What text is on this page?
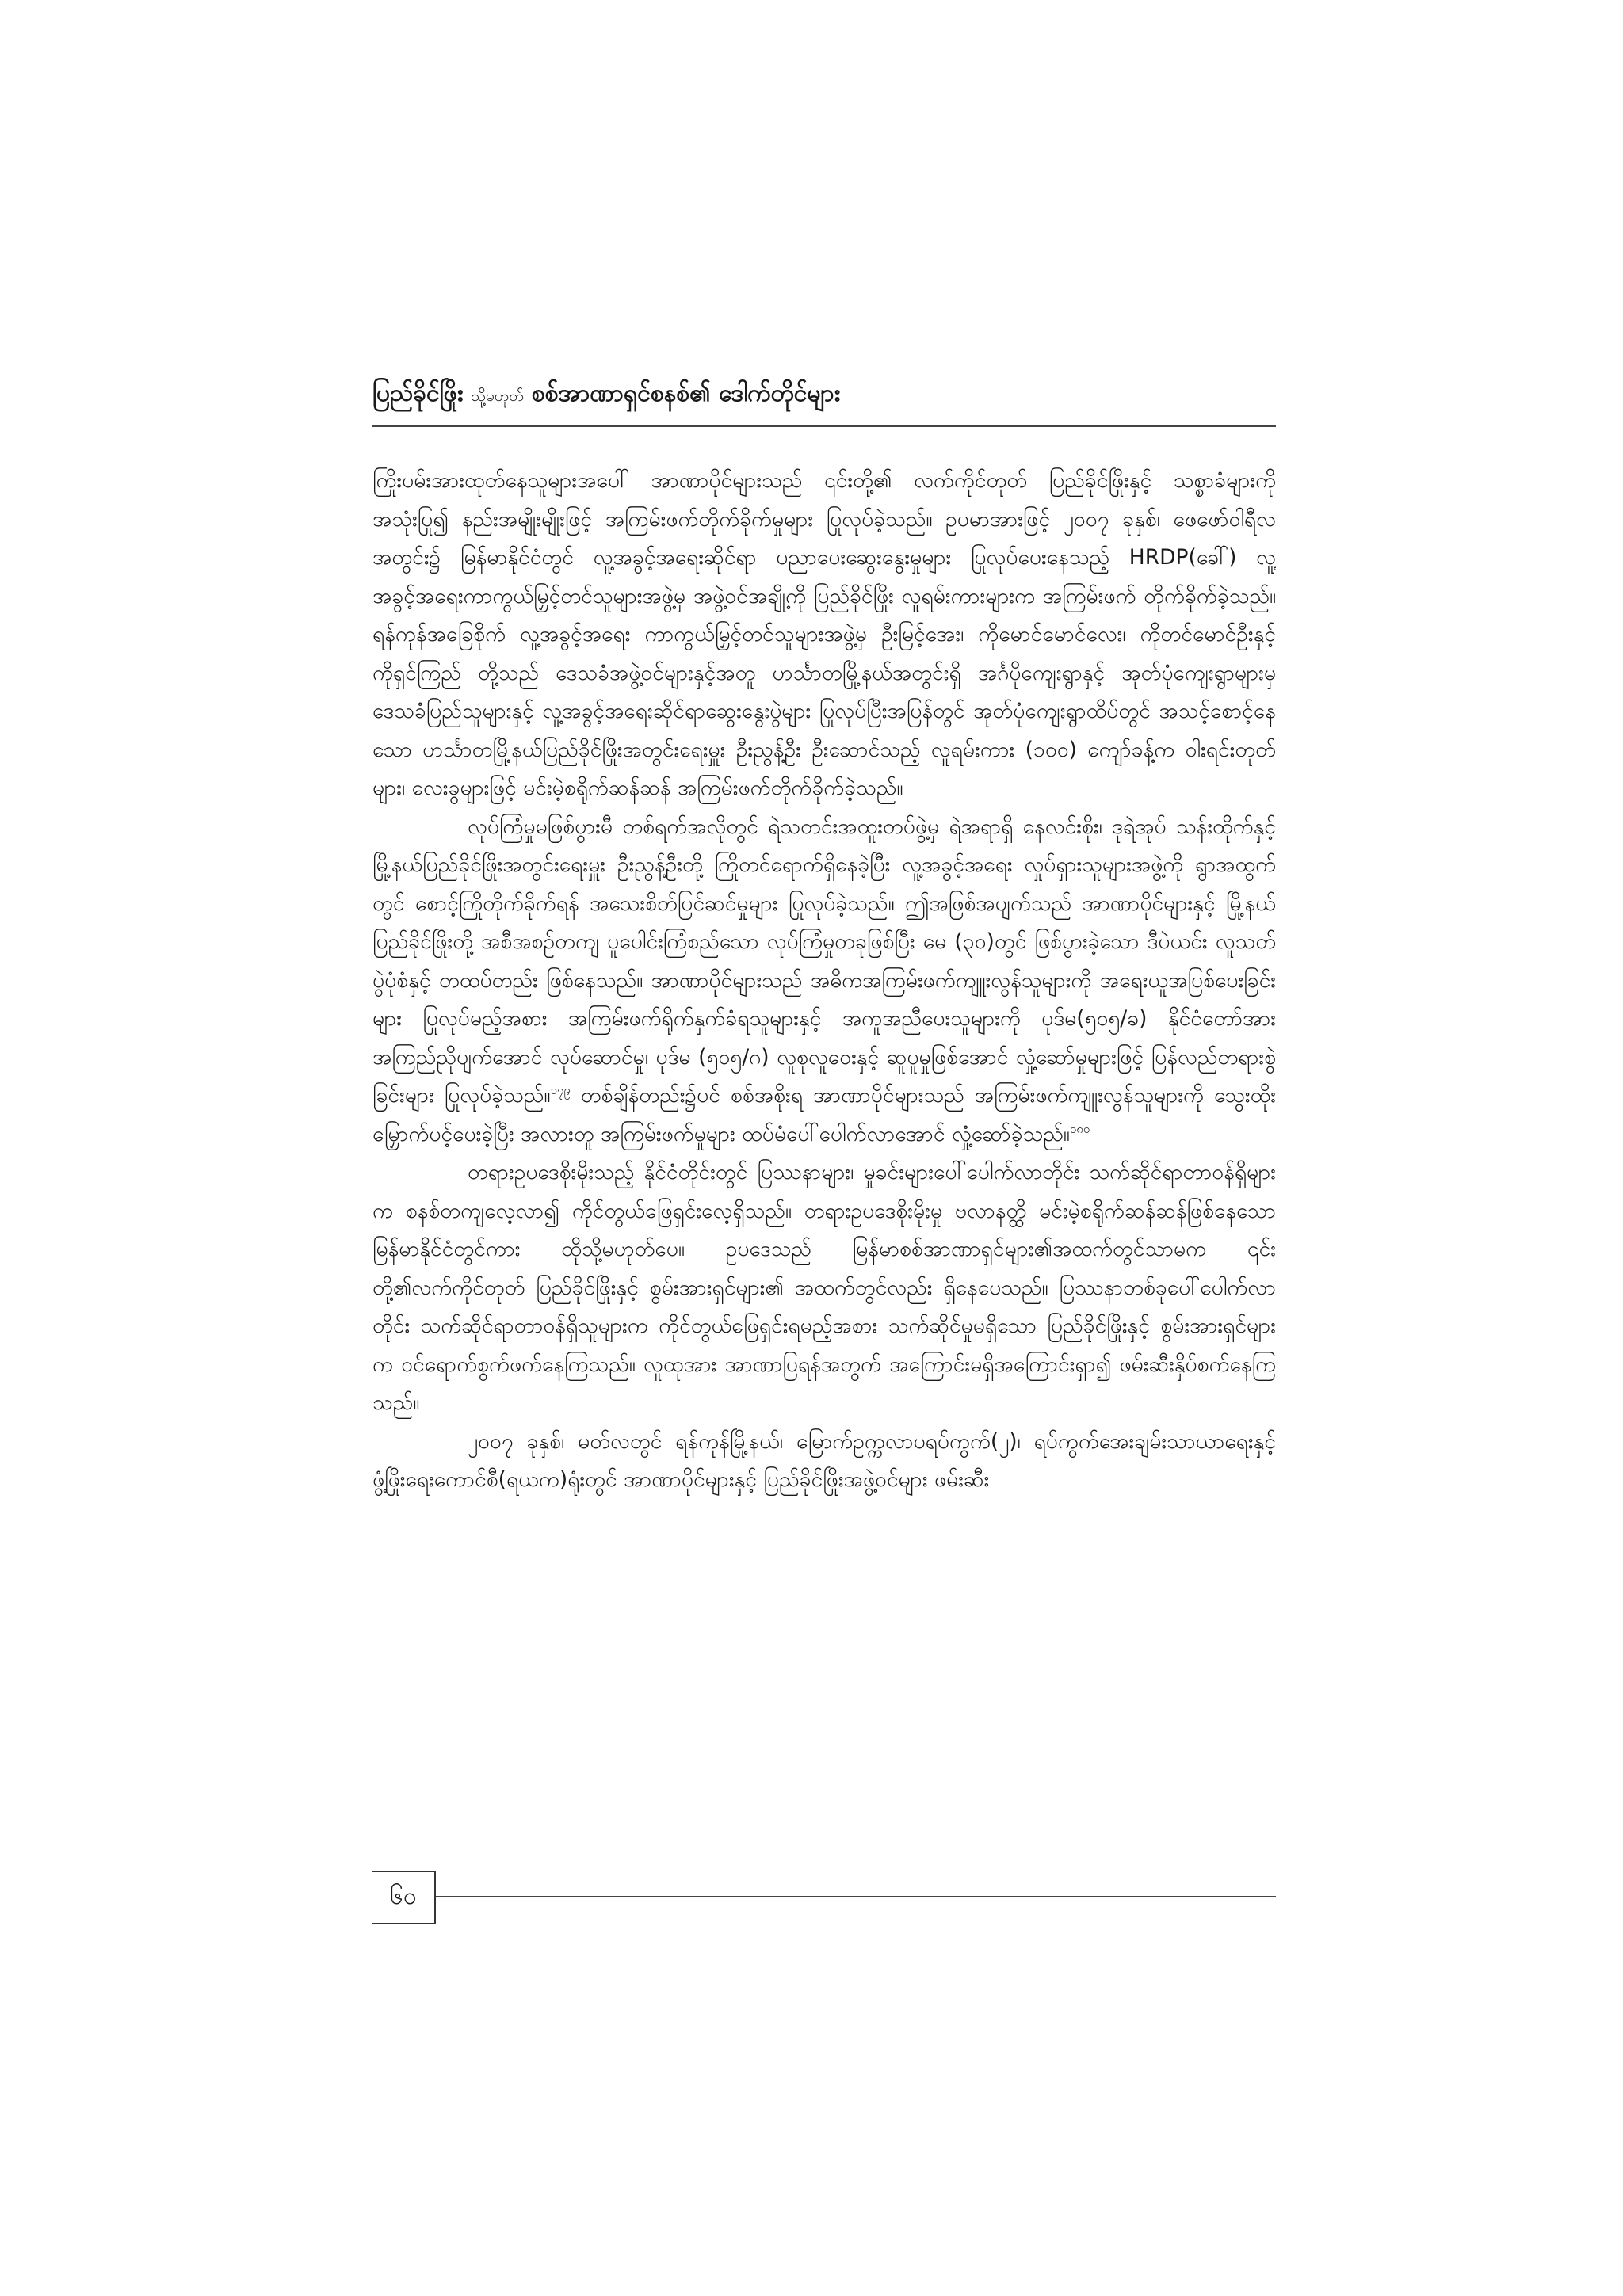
ပြည်ခိုင်ဖြိုး သို့မဟုတ် စစ်အာဏာရှင်စနစ်၏ ဒေါက်တိုင်များ

ကြိုးပမ်းအားထုတ်နေသူများအပေါ် အာဏာပိုင်များသည် ၎င်းတို့၏ လက်ကိုင်တုတ် ပြည်ခိုင်ဖြိုးနှင့် သစ္စာခံများကိုအသုံးပြု၍ နည်းအမျိုးမျိုးဖြင့် အကြမ်းဖက်တိုက်ခိုက်မှုများ ပြုလုပ်ခဲ့သည်။ ဥပမာအားဖြင့် ၂၀၀၇ ခုနှစ်၊ ဖေဖော်ဝါရီလအတွင်း၌ မြန်မာနိုင်ငံတွင် လူ့အခွင့်အရေးဆိုင်ရာ ပညာပေးဆွေးနွေးမှုများ ပြုလုပ်ပေးနေသည့် HRDP(ခေါ်) လူ့အခွင့်အရေးကာကွယ်မြှင့်တင်သူများအဖွဲ့မှ အဖွဲ့ဝင်အချို့ကို ပြည်ခိုင်ဖြိုး လူရမ်းကားများက အကြမ်းဖက် တိုက်ခိုက်ခဲ့သည်။ ရန်ကုန်အခြေစိုက် လူ့အခွင့်အရေး ကာကွယ်မြှင့်တင်သူများအဖွဲ့မှ ဦးမြင့်အေး၊ ကိုမောင်မောင်လေး၊ ကိုတင်မောင်ဦးနှင့် ကိုရှင်ကြည် တို့သည် ဒေသခံအဖွဲ့ဝင်များနှင့်အတူ ဟင်္သာတမြို့နယ်အတွင်းရှိ အင်္ဂပိုကျေးရွာနှင့် အုတ်ပုံကျေးရွာများမှ ဒေသခံပြည်သူများနှင့် လူ့အခွင့်အရေးဆိုင်ရာဆွေးနွေးပွဲများ ပြုလုပ်ပြီးအပြန်တွင် အုတ်ပုံကျေးရွာထိပ်တွင် အသင့်စောင့်နေသော ဟင်္သာတမြို့နယ်ပြည်ခိုင်ဖြိုးအတွင်းရေးမှူး ဦးညွန့်ဦး ဦးဆောင်သည့် လူရမ်းကား (၁၀၀) ကျော်ခန့်က ဝါးရင်းတုတ်များ၊ လေးခွများဖြင့် မင်းမဲ့စရိုက်ဆန်ဆန် အကြမ်းဖက်တိုက်ခိုက်ခဲ့သည်။

လုပ်ကြံမှုမဖြစ်ပွားမီ တစ်ရက်အလိုတွင် ရဲသတင်းအထူးတပ်ဖွဲ့မှ ရဲအရာရှိ နေလင်းစိုး၊ ဒုရဲအုပ် သန်းထိုက်နှင့် မြို့နယ်ပြည်ခိုင်ဖြိုးအတွင်းရေးမှူး ဦးညွန့်ဦးတို့ ကြိုတင်ရောက်ရှိနေခဲ့ပြီး လူ့အခွင့်အရေး လှုပ်ရှားသူများအဖွဲ့ကို ရွာအထွက်တွင် စောင့်ကြိုတိုက်ခိုက်ရန် အသေးစိတ်ပြင်ဆင်မှုများ ပြုလုပ်ခဲ့သည်။ ဤအဖြစ်အပျက်သည် အာဏာပိုင်များနှင့် မြို့နယ်ပြည်ခိုင်ဖြိုးတို့ အစီအစဉ်တကျ ပူပေါင်းကြံစည်သော လုပ်ကြံမှုတခုဖြစ်ပြီး မေ (၃၀)တွင် ဖြစ်ပွားခဲ့သော ဒီပဲယင်း လူသတ်ပွဲပုံစံနှင့် တထပ်တည်း ဖြစ်နေသည်။ အာဏာပိုင်များသည် အဓိကအကြမ်းဖက်ကျူးလွန်သူများကို အရေးယူအပြစ်ပေးခြင်း များ ပြုလုပ်မည့်အစား အကြမ်းဖက်ရိုက်နှက်ခံရသူများနှင့် အကူအညီပေးသူများကို ပုဒ်မ(၅၀၅/ခ) နိုင်ငံတော်အား အကြည်ညိုပျက်အောင် လုပ်ဆောင်မှု၊ ပုဒ်မ (၅၀၅/ဂ) လူစုလူဝေးနှင့် ဆူပူမှုဖြစ်အောင် လှုံ့ဆော်မှုများဖြင့် ပြန်လည်တရားစွဲခြင်းများ ပြုလုပ်ခဲ့သည်။$^{၁၇၉}$ တစ်ချိန်တည်း၌ပင် စစ်အစိုးရ အာဏာပိုင်များသည် အကြမ်းဖက်ကျူးလွန်သူများကို သွေးထိုးမြှောက်ပင့်ပေးခဲ့ပြီး အလားတူ အကြမ်းဖက်မှုများ ထပ်မံပေါ်ပေါက်လာအောင် လှုံ့ဆော်ခဲ့သည်။$^{၁၈၀}$

တရားဥပဒေစိုးမိုးသည့် နိုင်ငံတိုင်းတွင် ပြဿနာများ၊ မှုခင်းများပေါ်ပေါက်လာတိုင်း သက်ဆိုင်ရာတာဝန်ရှိများက စနစ်တကျလေ့လာ၍ ကိုင်တွယ်ဖြေရှင်းလေ့ရှိသည်။ တရားဥပဒေစိုးမိုးမှု ဗလာနတ္ထိ မင်းမဲ့စရိုက်ဆန်ဆန်ဖြစ်နေသော မြန်မာနိုင်ငံတွင်ကား ထိုသို့မဟုတ်ပေ။ ဥပဒေသည် မြန်မာစစ်အာဏာရှင်များ၏အထက်တွင်သာမက ၎င်းတို့၏လက်ကိုင်တုတ် ပြည်ခိုင်ဖြိုးနှင့် စွမ်းအားရှင်များ၏ အထက်တွင်လည်း ရှိနေပေသည်။ ပြဿနာတစ်ခုပေါ်ပေါက်လာတိုင်း သက်ဆိုင်ရာတာဝန်ရှိသူများက ကိုင်တွယ်ဖြေရှင်းရမည့်အစား သက်ဆိုင်မှုမရှိသော ပြည်ခိုင်ဖြိုးနှင့် စွမ်းအားရှင်များက ဝင်ရောက်စွက်ဖက်နေကြသည်။ လူထုအား အာဏာပြရန်အတွက် အကြောင်းမရှိအကြောင်းရှာ၍ ဖမ်းဆီးနှိပ်စက်နေကြသည်။

၂၀၀၇ ခုနှစ်၊ မတ်လတွင် ရန်ကုန်မြို့နယ်၊ မြောက်ဥက္ကလာပရပ်ကွက်(၂)၊ ရပ်ကွက်အေးချမ်းသာယာရေးနှင့် ဖွံ့ဖြိုးရေးကောင်စီ(ရယက)ရုံးတွင် အာဏာပိုင်များနှင့် ပြည်ခိုင်ဖြိုးအဖွဲ့ဝင်များ ဖမ်းဆီး

၆၀
